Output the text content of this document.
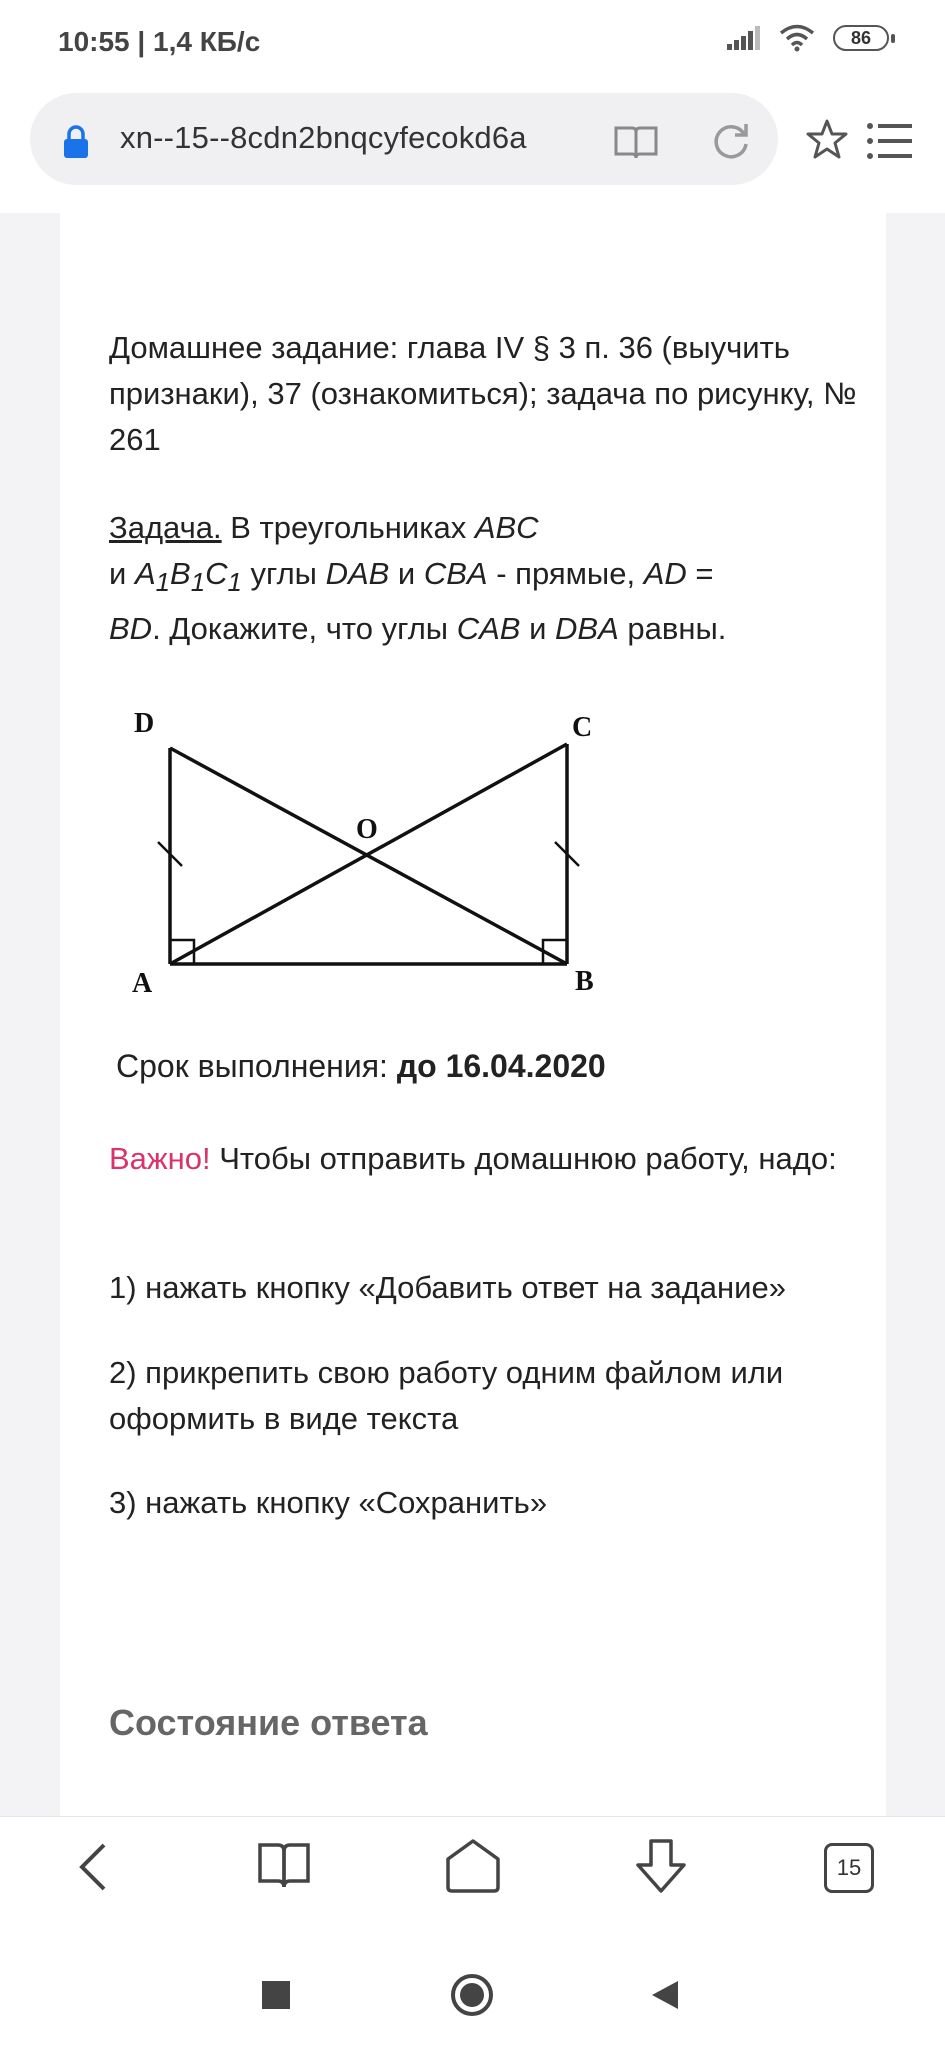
10:55 | 1,4 КБ/с	86
xn--15--8cdn2bnqcyfecokd6a
Домашнее задание: глава IV § 3 п. 36 (выучить признаки), 37 (ознакомиться); задача по рисунку, № 261
Задача. В треугольниках ABC
и $A_1B_1C_1$ углы DAB и CBA - прямые, AD =
BD. Докажите, что углы CAB и DBA равны.
D	C
O
A	B
Срок выполнения: до 16.04.2020
Важно! Чтобы отправить домашнюю работу, надо:
1) нажать кнопку «Добавить ответ на задание»
2) прикрепить свою работу одним файлом или оформить в виде текста
3) нажать кнопку «Сохранить»
Состояние ответа
15
